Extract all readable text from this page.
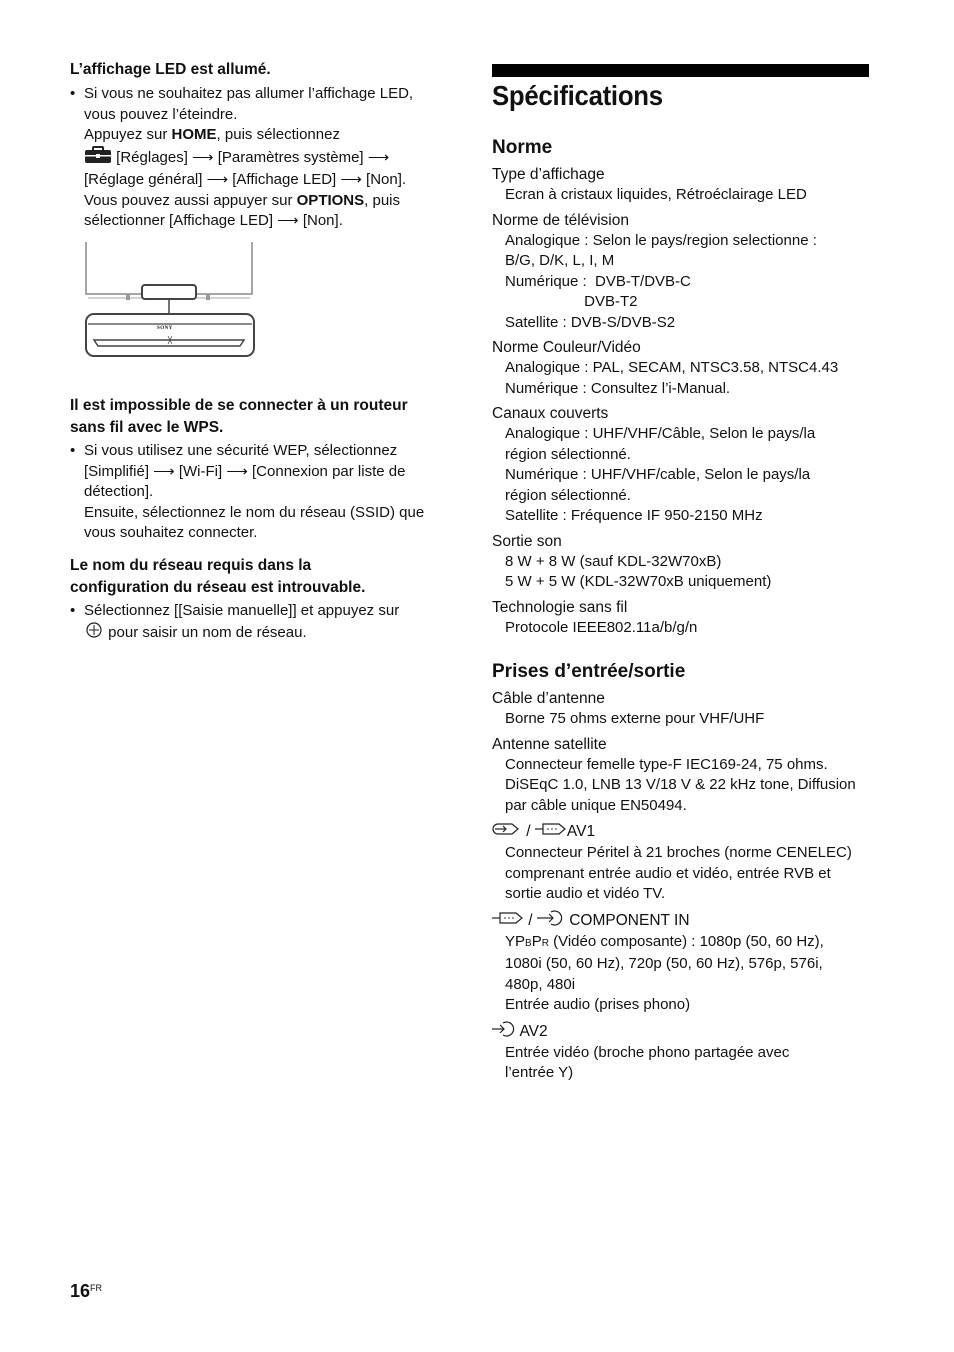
L’affichage LED est allumé.
• Si vous ne souhaitez pas allumer l’affichage LED,
vous pouvez l’éteindre.
Appuyez sur HOME, puis sélectionnez
[Réglages] ⟶ [Paramètres système] ⟶
[Réglage général] ⟶ [Affichage LED] ⟶ [Non].
Vous pouvez aussi appuyer sur OPTIONS, puis
sélectionner [Affichage LED] ⟶ [Non].
SONY
Il est impossible de se connecter à un routeur
sans fil avec le WPS.
• Si vous utilisez une sécurité WEP, sélectionnez
[Simplifié] ⟶ [Wi-Fi] ⟶ [Connexion par liste de
détection].
Ensuite, sélectionnez le nom du réseau (SSID) que
vous souhaitez connecter.
Le nom du réseau requis dans la
configuration du réseau est introuvable.
• Sélectionnez [[Saisie manuelle]] et appuyez sur
pour saisir un nom de réseau.
Spécifications
Norme
Type d’affichage
Ecran à cristaux liquides, Rétroéclairage LED
Norme de télévision
Analogique : Selon le pays/region selectionne :
B/G, D/K, L, I, M
Numérique :  DVB-T/DVB-C
DVB-T2
Satellite : DVB-S/DVB-S2
Norme Couleur/Vidéo
Analogique : PAL, SECAM, NTSC3.58, NTSC4.43
Numérique : Consultez l’i-Manual.
Canaux couverts
Analogique : UHF/VHF/Câble, Selon le pays/la
région sélectionné.
Numérique : UHF/VHF/cable, Selon le pays/la
région sélectionné.
Satellite : Fréquence IF 950-2150 MHz
Sortie son
8 W + 8 W (sauf KDL-32W70xB)
5 W + 5 W (KDL-32W70xB uniquement)
Technologie sans fil
Protocole IEEE802.11a/b/g/n
Prises d’entrée/sortie
Câble d’antenne
Borne 75 ohms externe pour VHF/UHF
Antenne satellite
Connecteur femelle type-F IEC169-24, 75 ohms.
DiSEqC 1.0, LNB 13 V/18 V & 22 kHz tone, Diffusion
par câble unique EN50494.
/ AV1
Connecteur Péritel à 21 broches (norme CENELEC)
comprenant entrée audio et vidéo, entrée RVB et
sortie audio et vidéo TV.
/  COMPONENT IN
YPBPR (Vidéo composante) : 1080p (50, 60 Hz),
1080i (50, 60 Hz), 720p (50, 60 Hz), 576p, 576i,
480p, 480i
Entrée audio (prises phono)
AV2
Entrée vidéo (broche phono partagée avec
l’entrée Y)
$16^{FR}$
